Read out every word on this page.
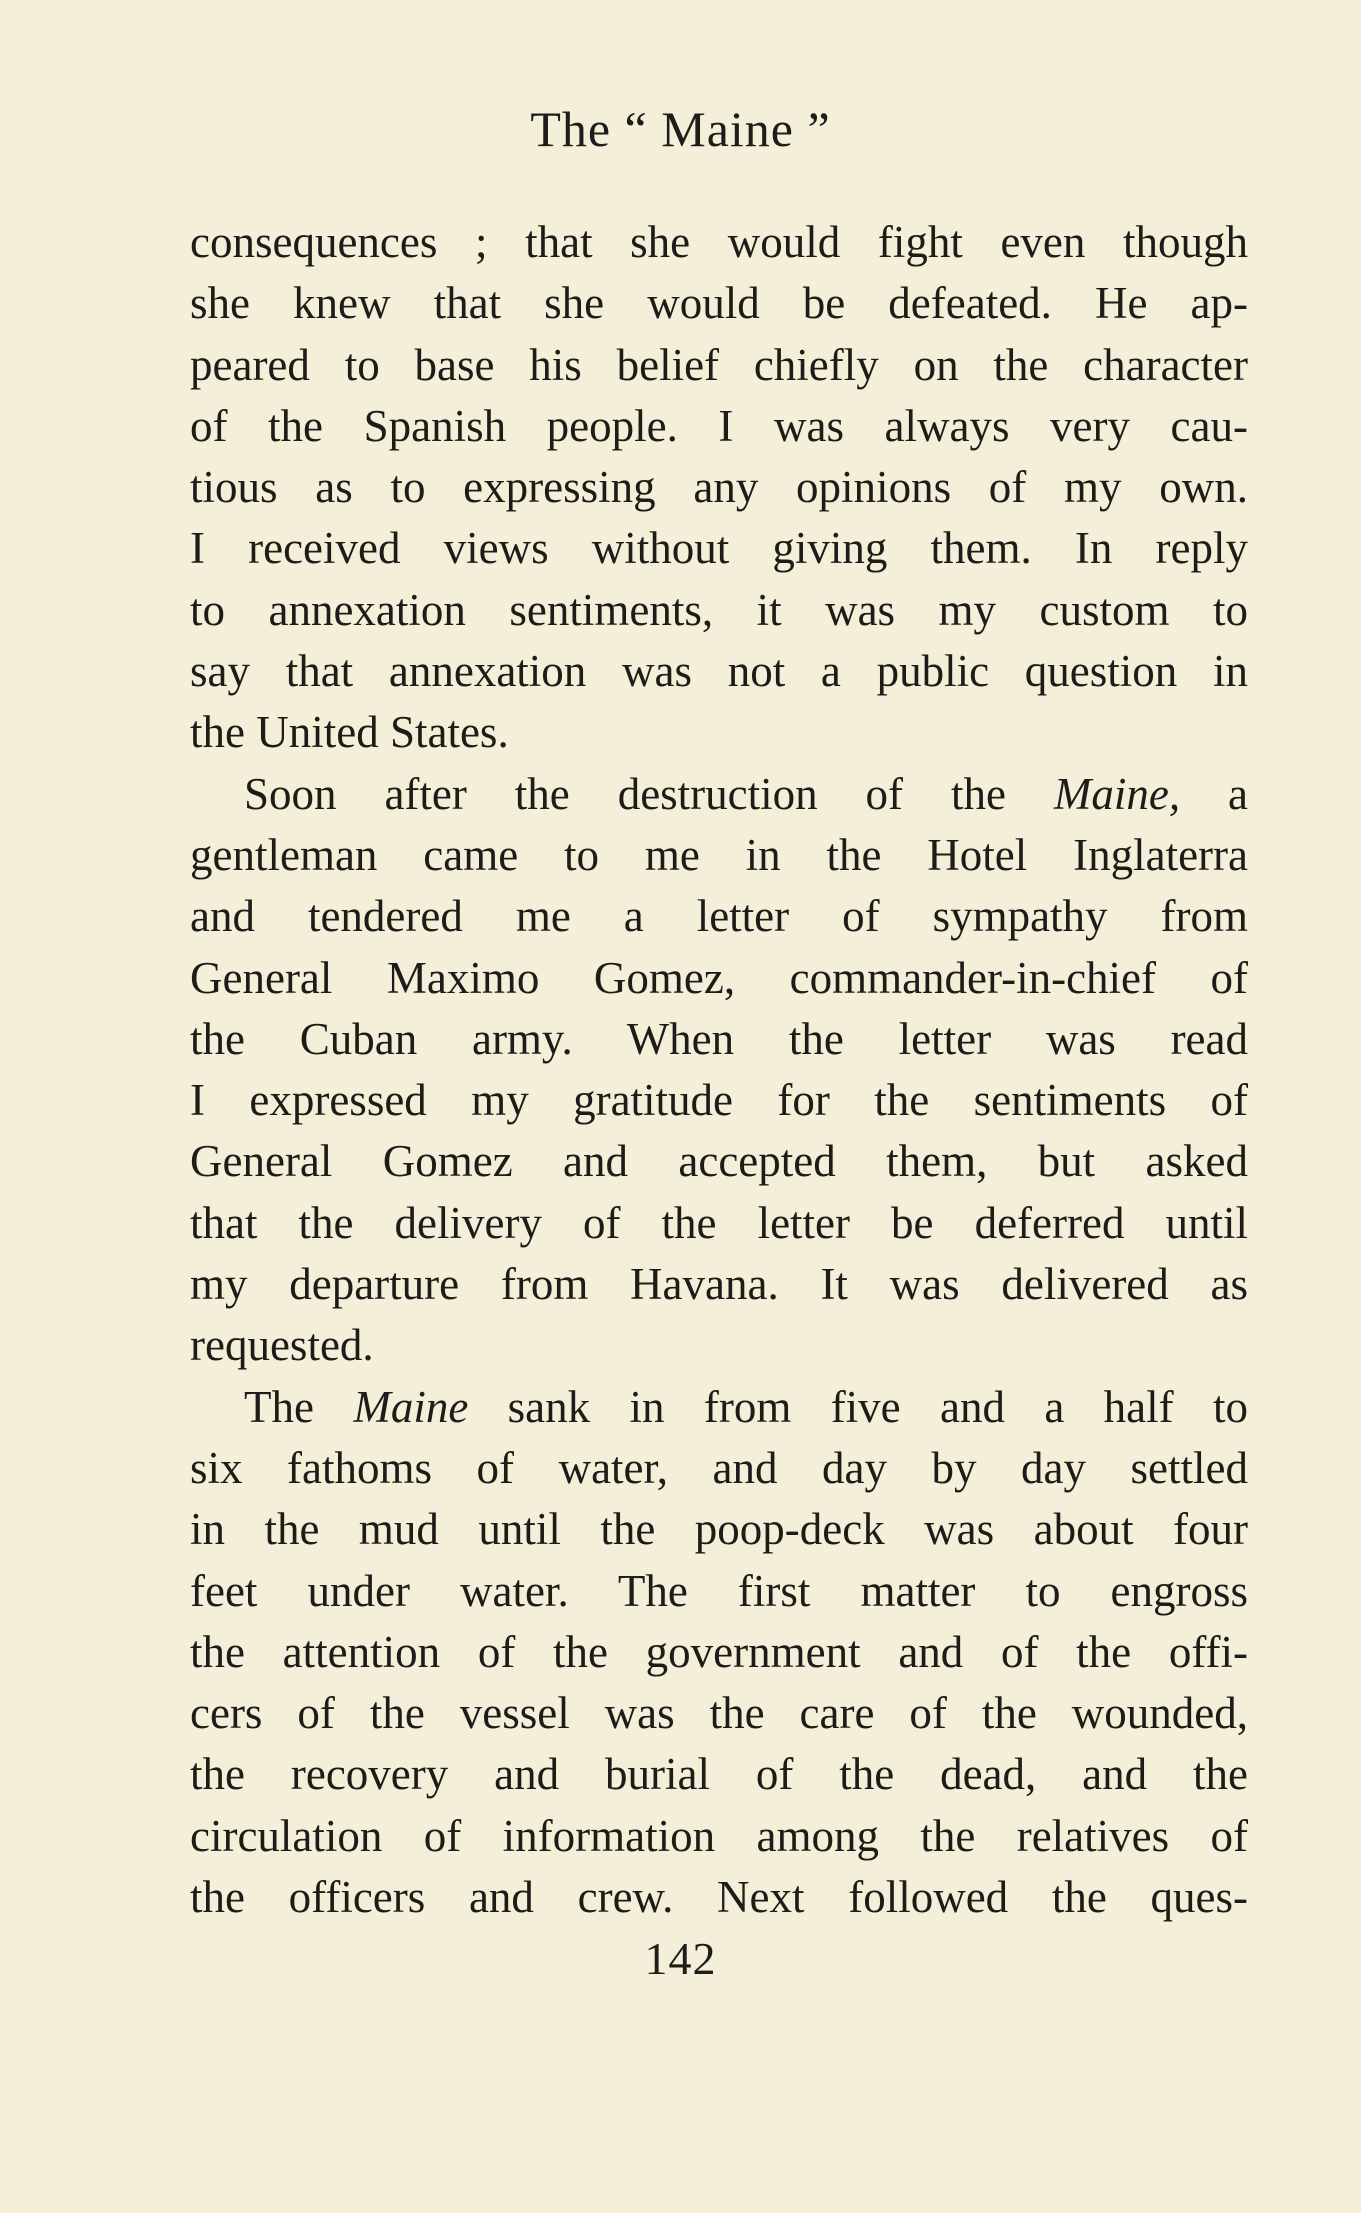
The “ Maine ”
consequences ; that she would fight even though
she knew that she would be defeated. He ap-
peared to base his belief chiefly on the character
of the Spanish people. I was always very cau-
tious as to expressing any opinions of my own.
I received views without giving them. In reply
to annexation sentiments, it was my custom to
say that annexation was not a public question in
the United States.
Soon after the destruction of the Maine, a
gentleman came to me in the Hotel Inglaterra
and tendered me a letter of sympathy from
General Maximo Gomez, commander-in-chief of
the Cuban army. When the letter was read
I expressed my gratitude for the sentiments of
General Gomez and accepted them, but asked
that the delivery of the letter be deferred until
my departure from Havana. It was delivered as
requested.
The Maine sank in from five and a half to
six fathoms of water, and day by day settled
in the mud until the poop-deck was about four
feet under water. The first matter to engross
the attention of the government and of the offi-
cers of the vessel was the care of the wounded,
the recovery and burial of the dead, and the
circulation of information among the relatives of
the officers and crew. Next followed the ques-
142
